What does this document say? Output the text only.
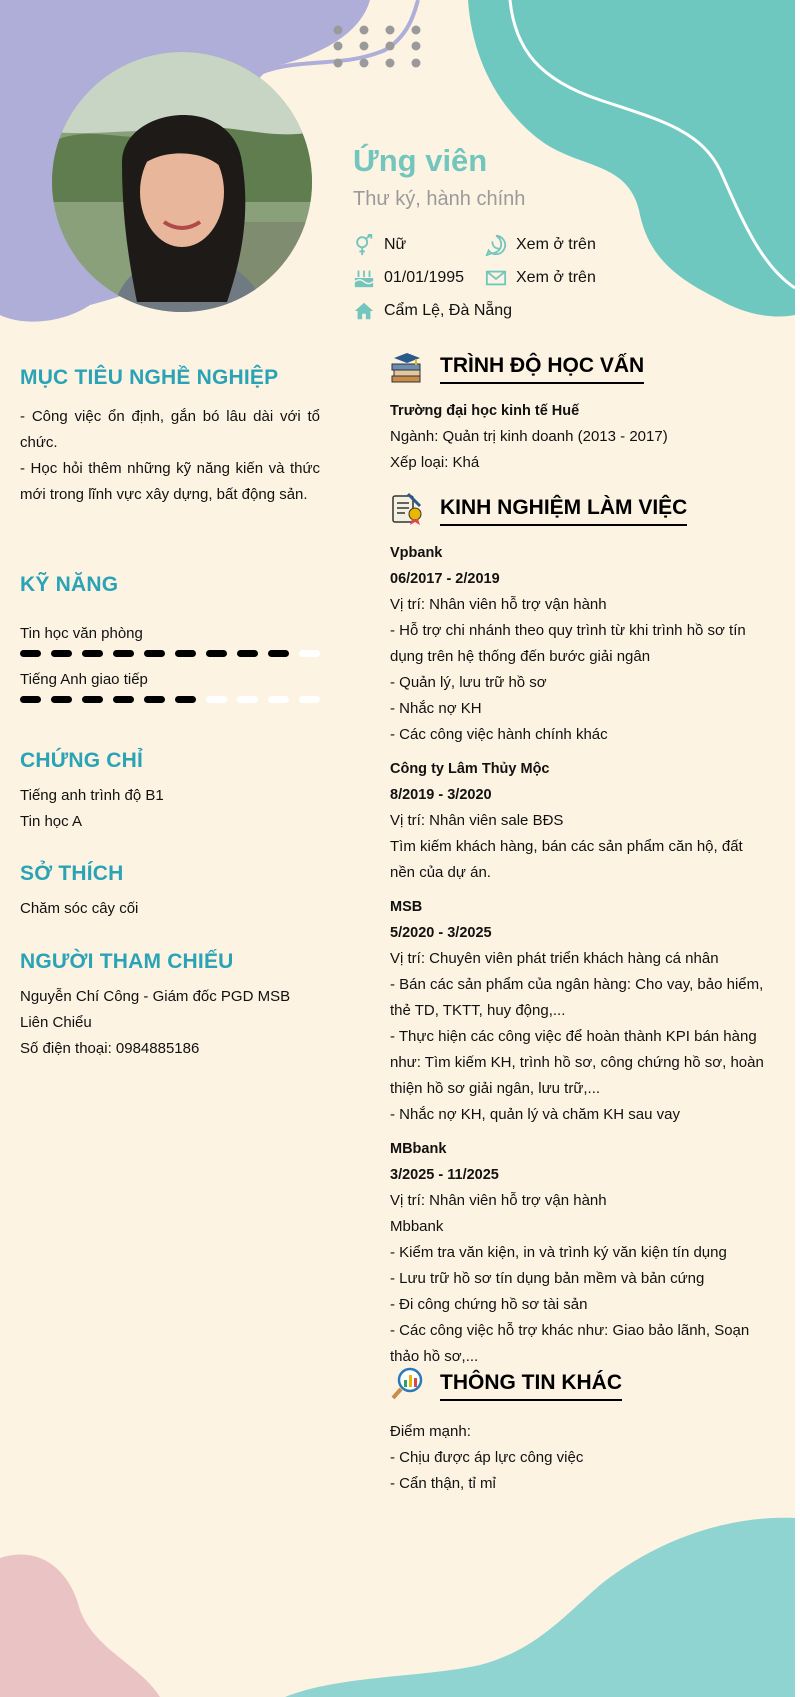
Ứng viên
Thư ký, hành chính
Nữ	Xem ở trên
01/01/1995	Xem ở trên
Cẩm Lệ, Đà Nẵng
MỤC TIÊU NGHỀ NGHIỆP

- Công việc ổn định, gắn bó lâu dài với tổ chức.

- Học hỏi thêm những kỹ năng kiến và thức mới trong lĩnh vực xây dựng, bất động sản.

KỸ NĂNG
Tin học văn phòng
Tiếng Anh giao tiếp
CHỨNG CHỈ

Tiếng anh trình độ B1

Tin học A

SỞ THÍCH

Chăm sóc cây cối

NGƯỜI THAM CHIẾU

Nguyễn Chí Công - Giám đốc PGD MSB Liên Chiểu

Số điện thoại: 0984885186

TRÌNH ĐỘ HỌC VẤN

Trường đại học kinh tế Huế

Ngành: Quản trị kinh doanh (2013 - 2017)

Xếp loại: Khá

KINH NGHIỆM LÀM VIỆC

Vpbank

06/2017 - 2/2019

Vị trí: Nhân viên hỗ trợ vận hành

- Hỗ trợ chi nhánh theo quy trình từ khi trình hồ sơ tín dụng trên hệ thống đến bước giải ngân

- Quản lý, lưu trữ hồ sơ

- Nhắc nợ KH

- Các công việc hành chính khác

Công ty Lâm Thủy Mộc

8/2019 - 3/2020

Vị trí: Nhân viên sale BĐS

Tìm kiếm khách hàng, bán các sản phẩm căn hộ, đất nền của dự án.

MSB

5/2020 - 3/2025

Vị trí: Chuyên viên phát triển khách hàng cá nhân

- Bán các sản phẩm của ngân hàng: Cho vay, bảo hiểm, thẻ TD, TKTT, huy động,...

- Thực hiện các công việc để hoàn thành KPI bán hàng như: Tìm kiếm KH, trình hồ sơ, công chứng hồ sơ, hoàn thiện hồ sơ giải ngân, lưu trữ,...

- Nhắc nợ KH, quản lý và chăm KH sau vay

MBbank

3/2025 - 11/2025

Vị trí: Nhân viên hỗ trợ vận hành

Mbbank

- Kiểm tra văn kiện, in và trình ký văn kiện tín dụng

- Lưu trữ hồ sơ tín dụng bản mềm và bản cứng

- Đi công chứng hồ sơ tài sản

- Các công việc hỗ trợ khác như: Giao bảo lãnh, Soạn thảo hồ sơ,...

THÔNG TIN KHÁC

Điểm mạnh:

- Chịu được áp lực công việc

- Cẩn thận, tỉ mỉ
